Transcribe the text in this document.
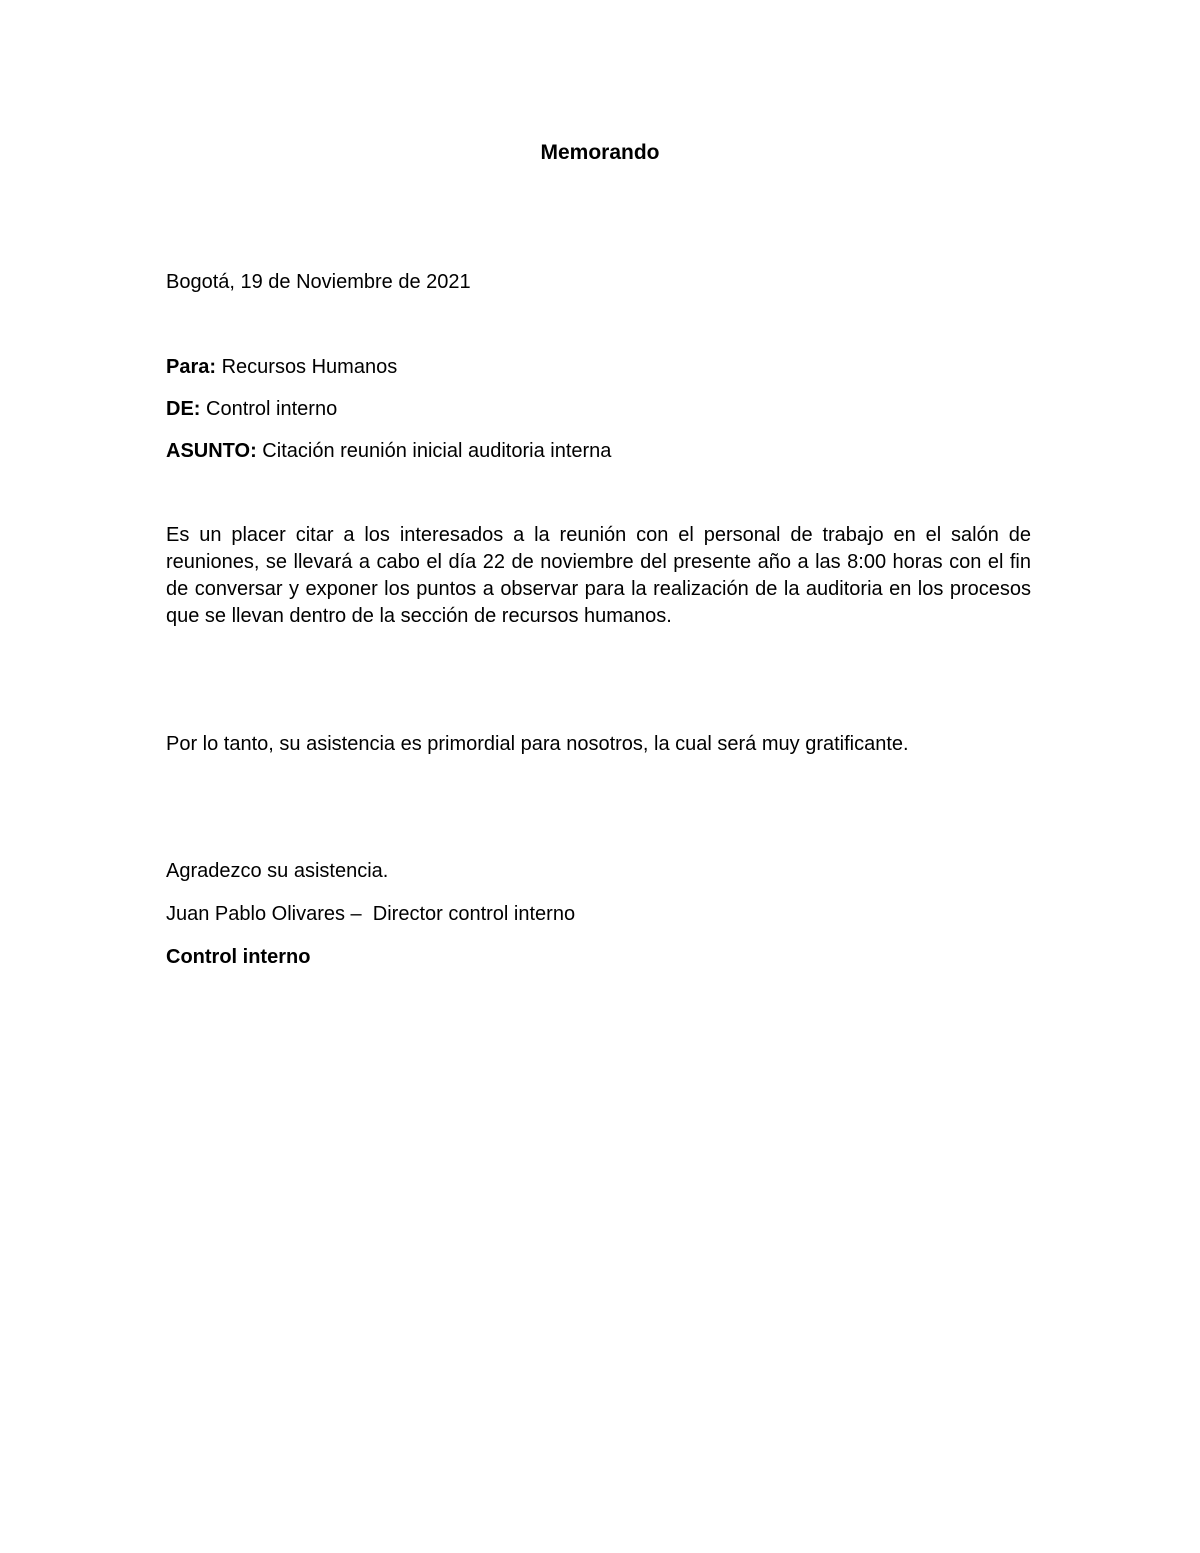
Memorando
Bogotá, 19 de Noviembre de 2021
Para: Recursos Humanos
DE: Control interno
ASUNTO: Citación reunión inicial auditoria interna
Es un placer citar a los interesados a la reunión con el personal de trabajo en el salón de reuniones, se llevará a cabo el día 22 de noviembre del presente año a las 8:00 horas con el fin de conversar y exponer los puntos a observar para la realización de la auditoria en los procesos que se llevan dentro de la sección de recursos humanos.
Por lo tanto, su asistencia es primordial para nosotros, la cual será muy gratificante.
Agradezco su asistencia.
Juan Pablo Olivares –  Director control interno
Control interno
